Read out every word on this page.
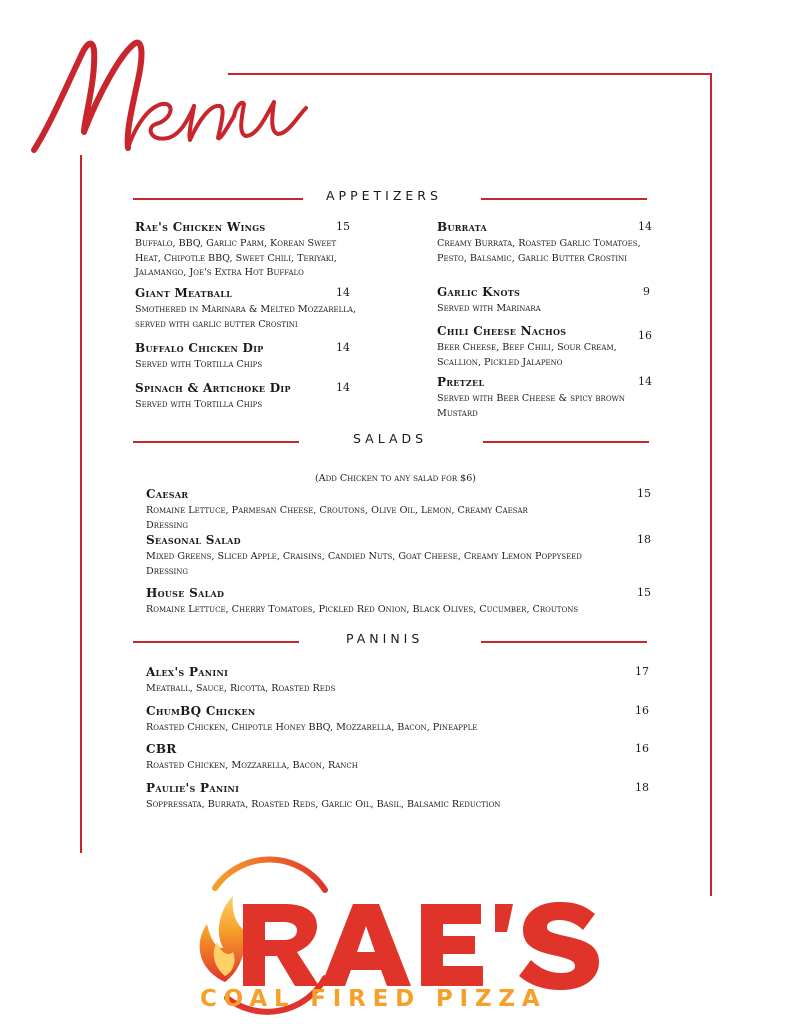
APPETIZERS
Rae's Chicken Wings	15
Buffalo, BBQ, Garlic Parm, Korean Sweet Heat, Chipotle BBQ, Sweet Chili, Teriyaki, Jalamango, Joe's Extra Hot Buffalo
Giant Meatball	14
Smothered in Marinara & Melted Mozzarella, served with garlic butter Crostini
Buffalo Chicken Dip	14
Served with Tortilla Chips
Spinach & Artichoke Dip	14
Served with Tortilla Chips
Burrata	14
Creamy Burrata, Roasted Garlic Tomatoes, Pesto, Balsamic, Garlic Butter Crostini
Garlic Knots	9
Served with Marinara
Chili Cheese Nachos	16
Beer Cheese, Beef Chili, Sour Cream, Scallion, Pickled Jalapeno
Pretzel	14
Served with Beer Cheese & spicy brown Mustard
SALADS
(Add Chicken to any salad for $6)
Caesar	15
Romaine Lettuce, Parmesan Cheese, Croutons, Olive Oil, Lemon, Creamy Caesar Dressing
Seasonal Salad	18
Mixed Greens, Sliced Apple, Craisins, Candied Nuts, Goat Cheese, Creamy Lemon Poppyseed Dressing
House Salad	15
Romaine Lettuce, Cherry Tomatoes, Pickled Red Onion, Black Olives, Cucumber, Croutons
PANINIS
Alex's Panini	17
Meatball, Sauce, Ricotta, Roasted Reds
ChumBQ Chicken	16
Roasted Chicken, Chipotle Honey BBQ, Mozzarella, Bacon, Pineapple
CBR	16
Roasted Chicken, Mozzarella, Bacon, Ranch
Paulie's Panini	18
Soppressata, Burrata, Roasted Reds, Garlic Oil, Basil, Balsamic Reduction
COAL FIRED PIZZA
